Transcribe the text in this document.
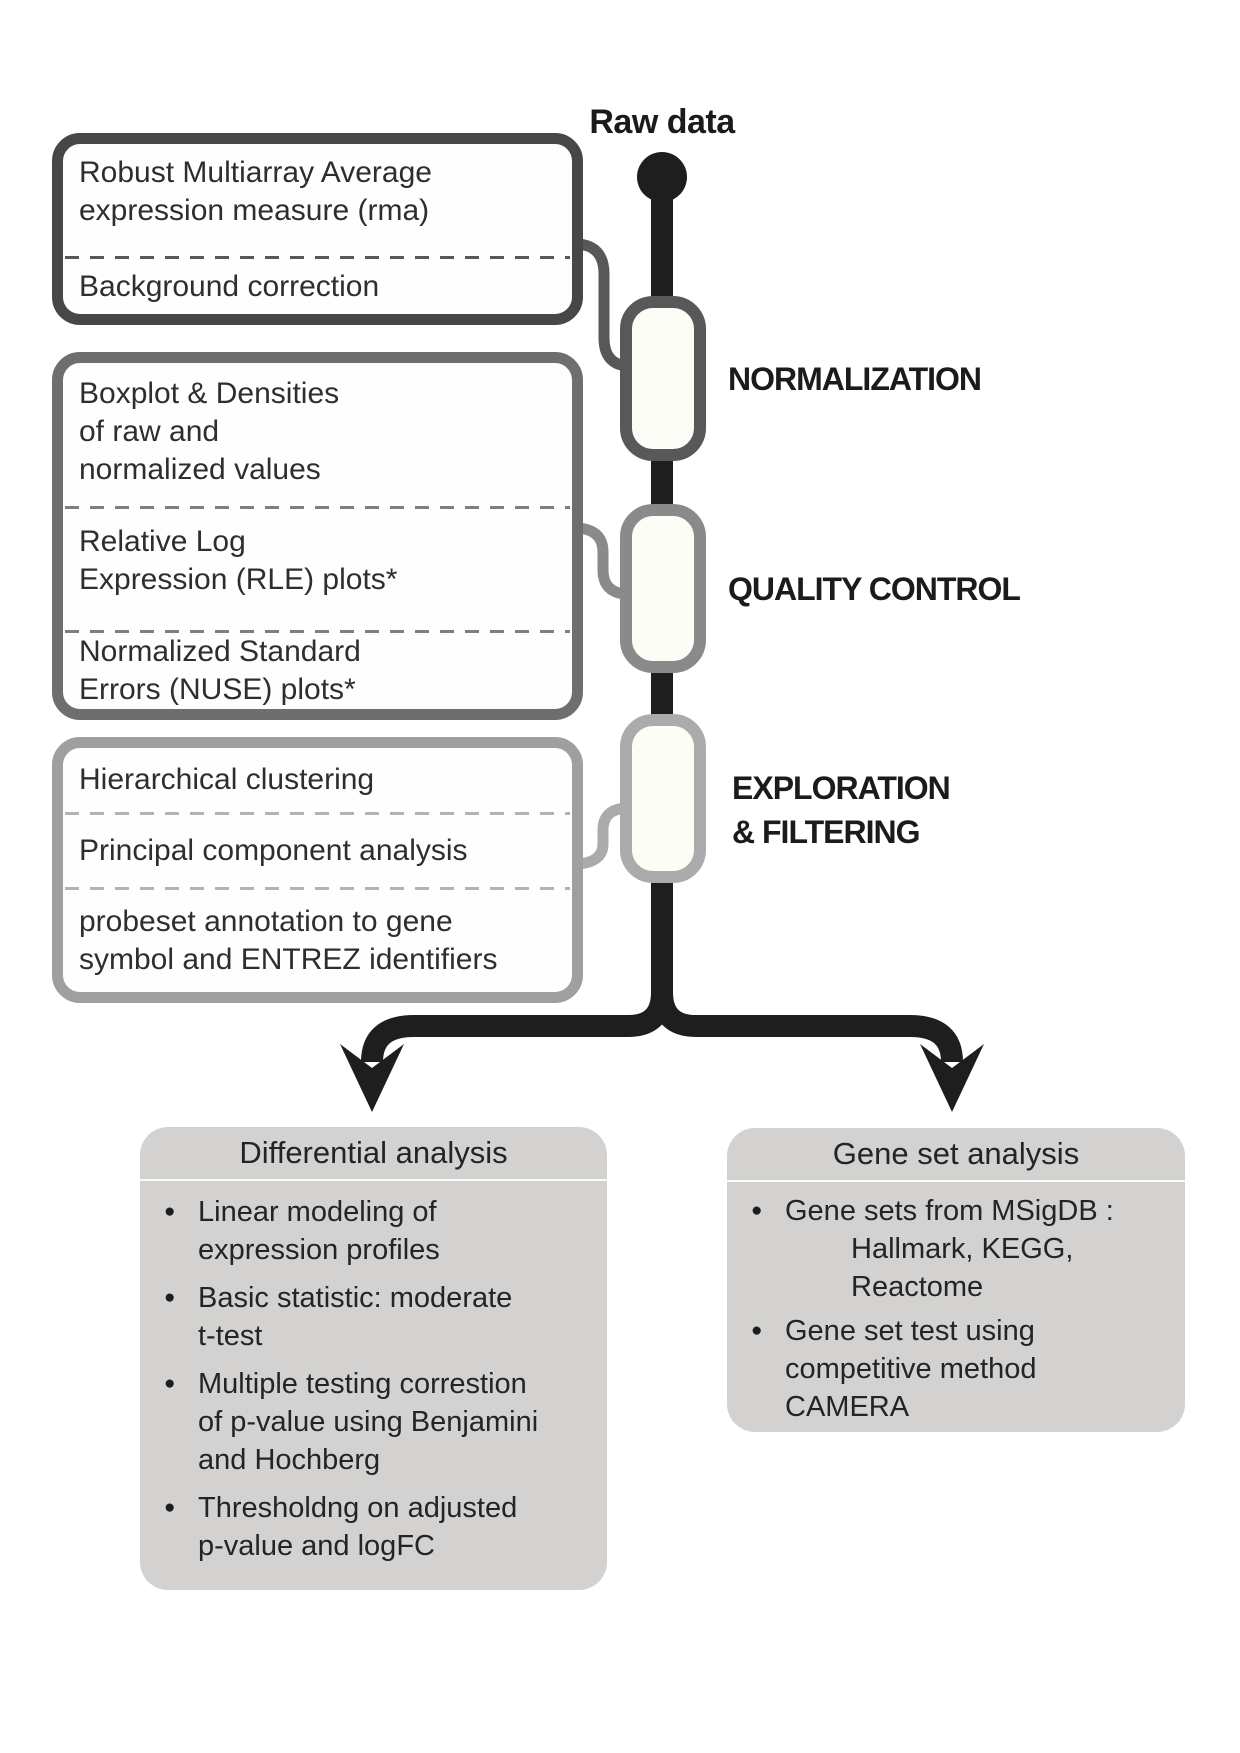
Raw data
Robust Multiarray Average
expression measure (rma)
Background correction
Boxplot & Densities
of raw and
normalized values
Relative Log
Expression (RLE) plots*
Normalized Standard
Errors (NUSE) plots*
Hierarchical clustering
Principal component analysis
probeset annotation to gene
symbol and ENTREZ identifiers
NORMALIZATION
QUALITY CONTROL
EXPLORATION
& FILTERING
Differential analysis
● Linear modeling of
expression profiles
● Basic statistic: moderate
t-test
● Multiple testing correstion
of p-value using Benjamini
and Hochberg
● Thresholdng on adjusted
p-value and logFC
Gene set analysis
● Gene sets from MSigDB :
Hallmark, KEGG,
Reactome
● Gene set test using
competitive method
CAMERA
